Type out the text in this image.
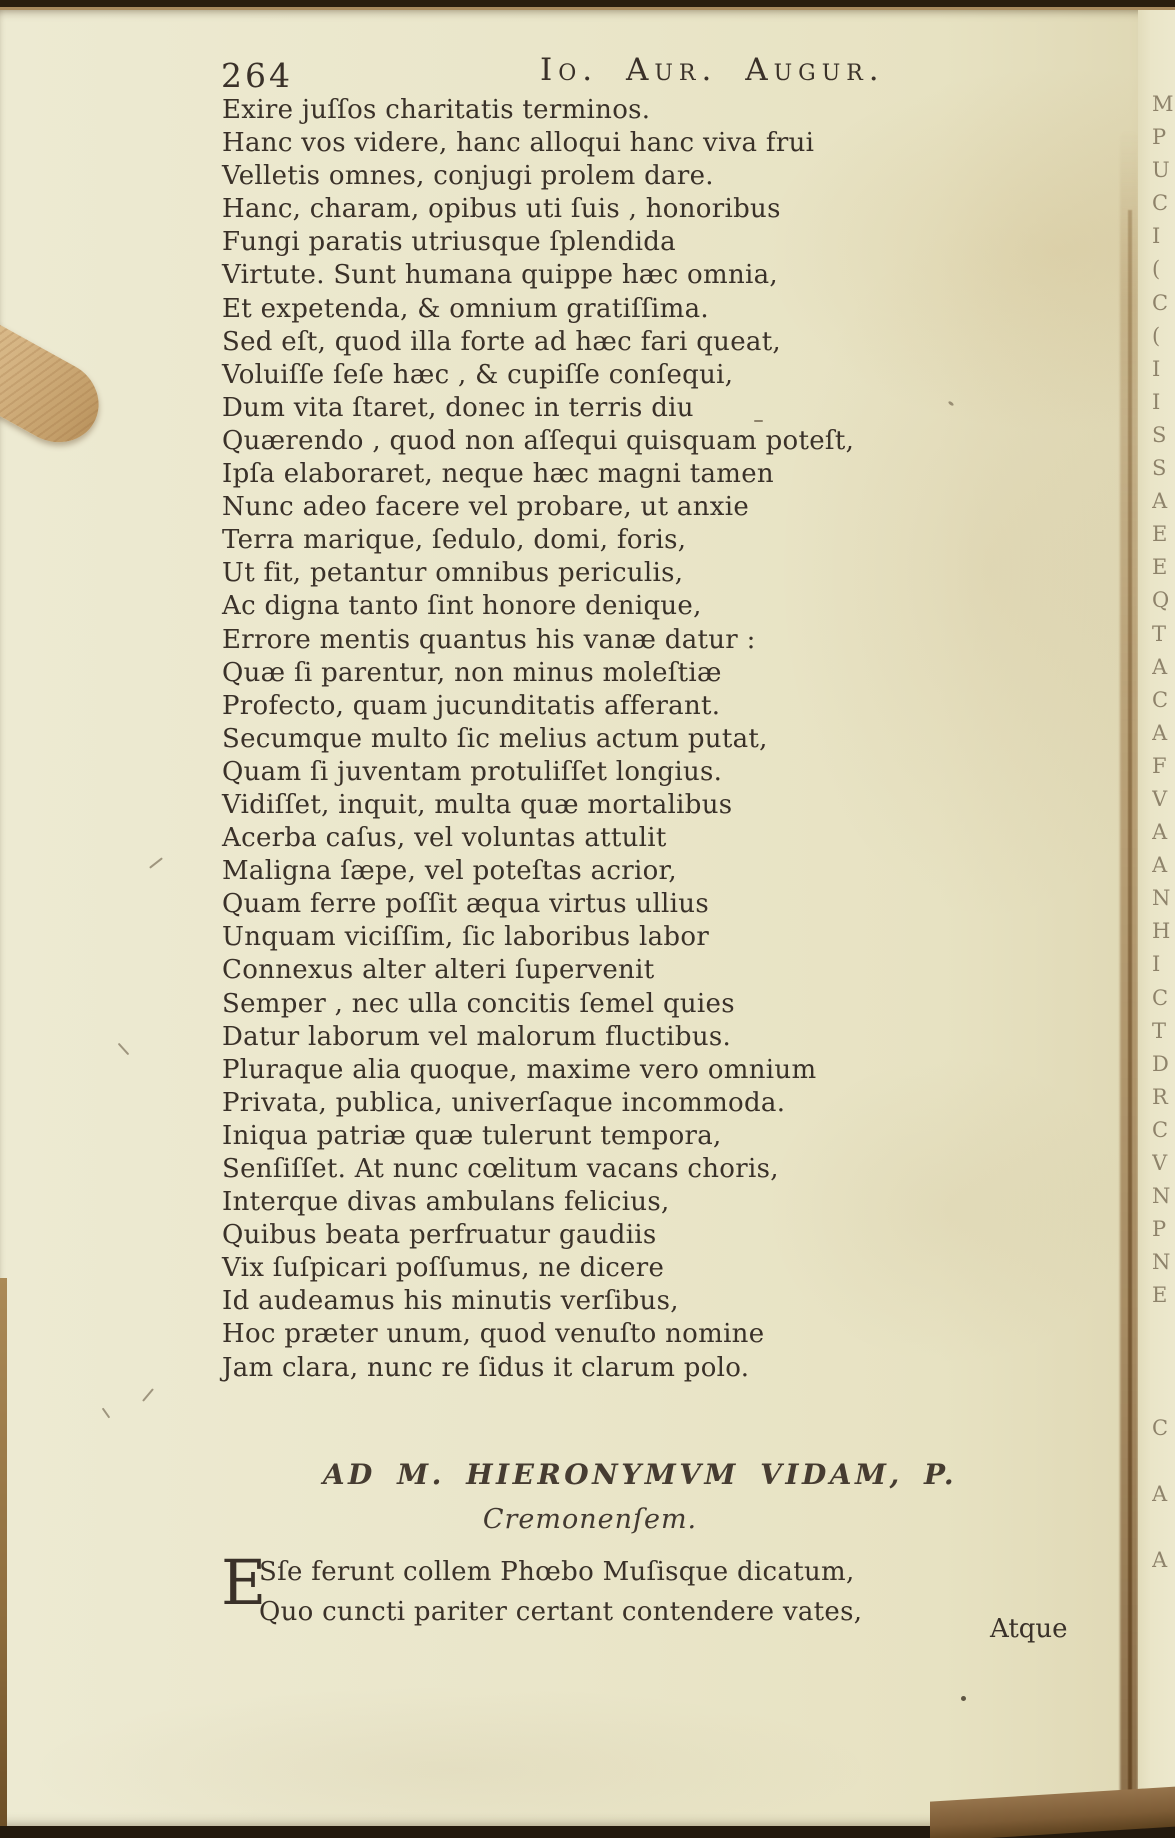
264	Io. Aur. Augur.
Exire juſſos charitatis terminos.
Hanc vos videre, hanc alloqui hanc viva frui
Velletis omnes, conjugi prolem dare.
Hanc, charam, opibus uti ſuis , honoribus
Fungi paratis utriusque ſplendida
Virtute. Sunt humana quippe hæc omnia,
Et expetenda, & omnium gratiſſima.
Sed eſt, quod illa forte ad hæc fari queat,
Voluiſſe ſeſe hæc , & cupiſſe conſequi,
Dum vita ſtaret, donec in terris diu
Quærendo , quod non aſſequi quisquam poteſt,
Ipſa elaboraret, neque hæc magni tamen
Nunc adeo facere vel probare, ut anxie
Terra marique, ſedulo, domi, foris,
Ut fit, petantur omnibus periculis,
Ac digna tanto ſint honore denique,
Errore mentis quantus his vanæ datur :
Quæ ſi parentur, non minus moleſtiæ
Profecto, quam jucunditatis afferant.
Secumque multo ſic melius actum putat,
Quam ſi juventam protuliſſet longius.
Vidiſſet, inquit, multa quæ mortalibus
Acerba caſus, vel voluntas attulit
Maligna ſæpe, vel poteſtas acrior,
Quam ferre poſſit æqua virtus ullius
Unquam viciſſim, ſic laboribus labor
Connexus alter alteri ſupervenit
Semper , nec ulla concitis ſemel quies
Datur laborum vel malorum fluctibus.
Pluraque alia quoque, maxime vero omnium
Privata, publica, univerſaque incommoda.
Iniqua patriæ quæ tulerunt tempora,
Senſiſſet. At nunc cœlitum vacans choris,
Interque divas ambulans felicius,
Quibus beata perfruatur gaudiis
Vix ſuſpicari poſſumus, ne dicere
Id audeamus his minutis verſibus,
Hoc præter unum, quod venuſto nomine
Jam clara, nunc re ſidus it clarum polo.
AD M. HIERONYMVM VIDAM, P.
Cremonenſem.
E
Sſe ferunt collem Phœbo Muſisque dicatum,
Quo cuncti pariter certant contendere vates,
Atque
M
P
U
C
I
(
C
(
I
I
S
S
A
E
E
Q
T
A
C
A
F
V
A
A
N
H
I
C
T
D
R
C
V
N
P
N
E
C
A
A
